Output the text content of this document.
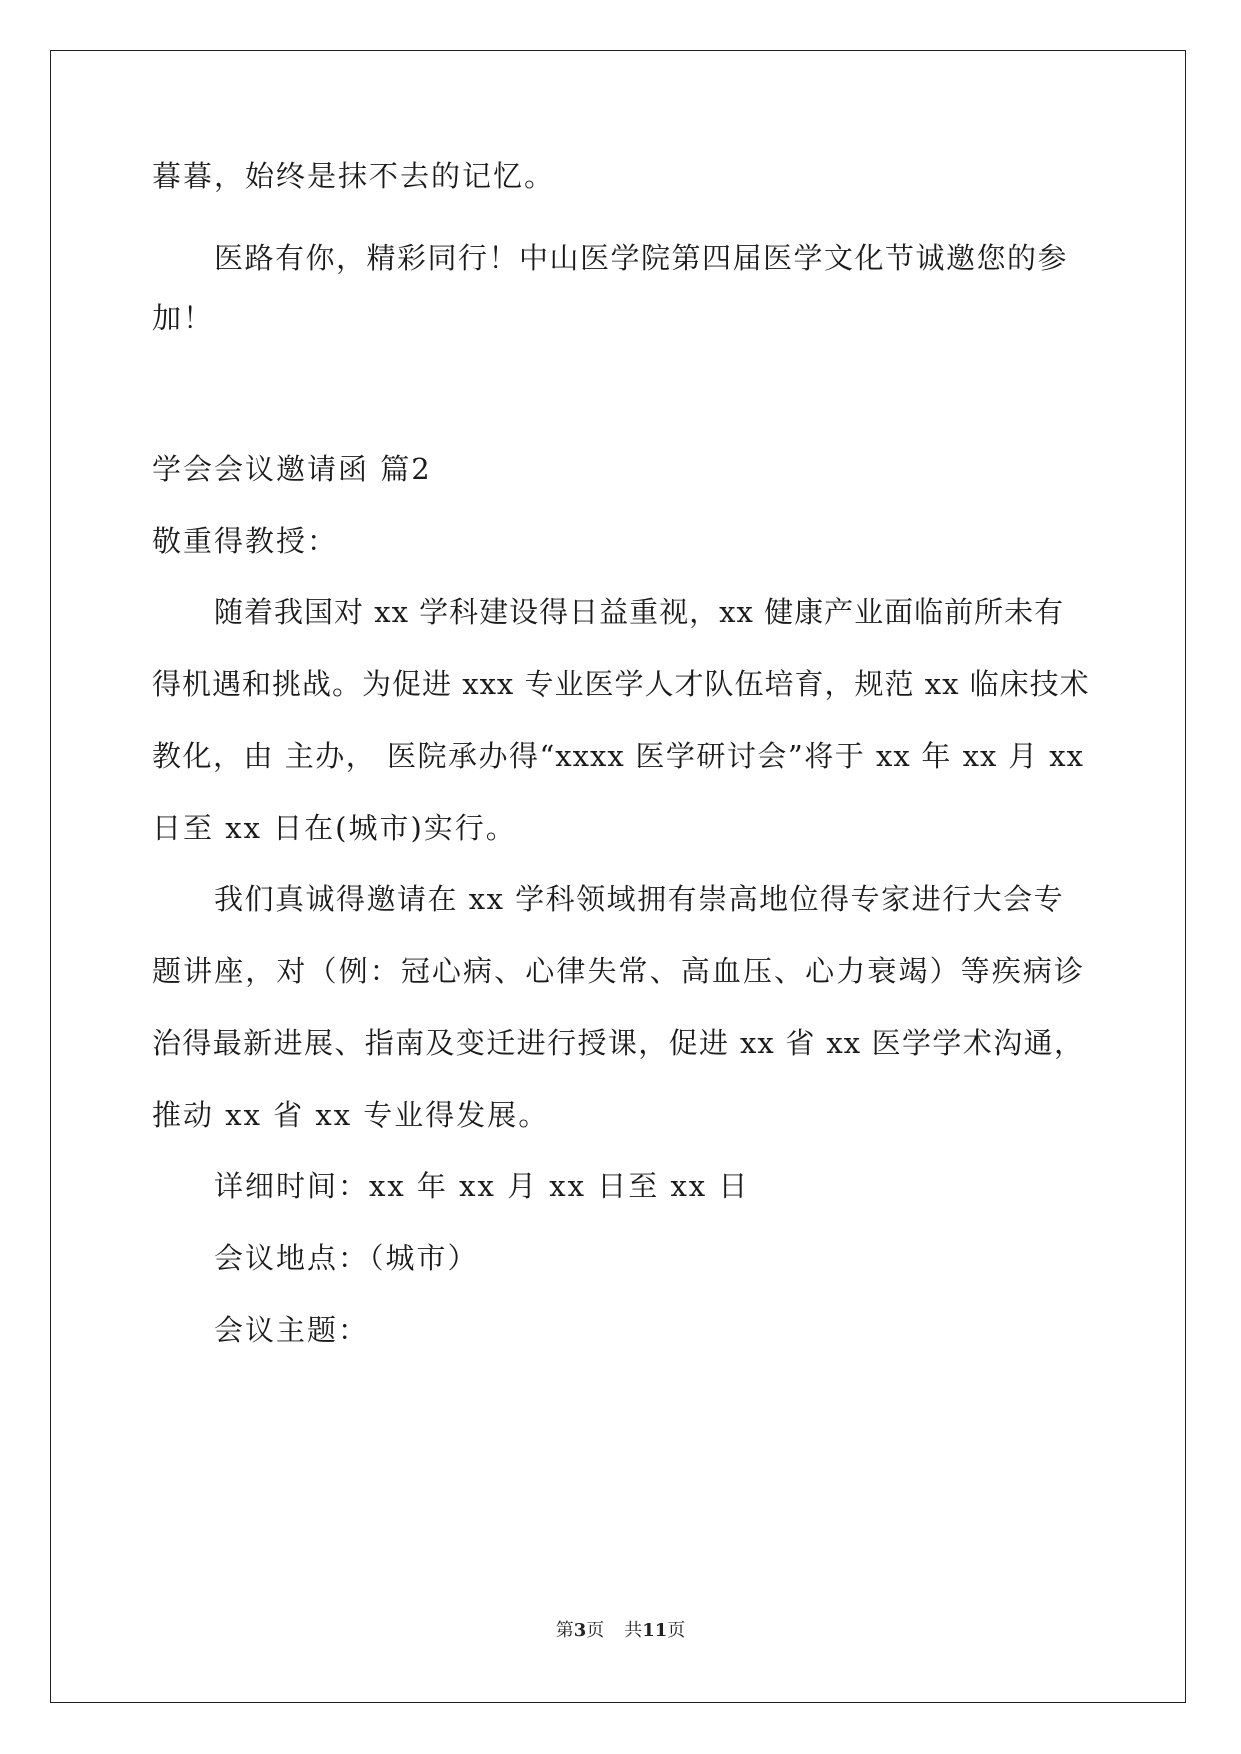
暮暮，始终是抹不去的记忆。
医路有你，精彩同行！中山医学院第四届医学文化节诚邀您的参
加！
学会会议邀请函 篇2
敬重得教授：
随着我国对 xx 学科建设得日益重视，xx 健康产业面临前所未有
得机遇和挑战。为促进 xxx 专业医学人才队伍培育，规范 xx 临床技术
教化，由 主办， 医院承办得“xxxx 医学研讨会”将于 xx 年 xx 月 xx
日至 xx 日在(城市)实行。
我们真诚得邀请在 xx 学科领域拥有崇高地位得专家进行大会专
题讲座，对（例：冠心病、心律失常、高血压、心力衰竭）等疾病诊
治得最新进展、指南及变迁进行授课，促进 xx 省 xx 医学学术沟通，
推动 xx 省 xx 专业得发展。
详细时间：xx 年 xx 月 xx 日至 xx 日
会议地点：（城市）
会议主题：
第3页 共11页
